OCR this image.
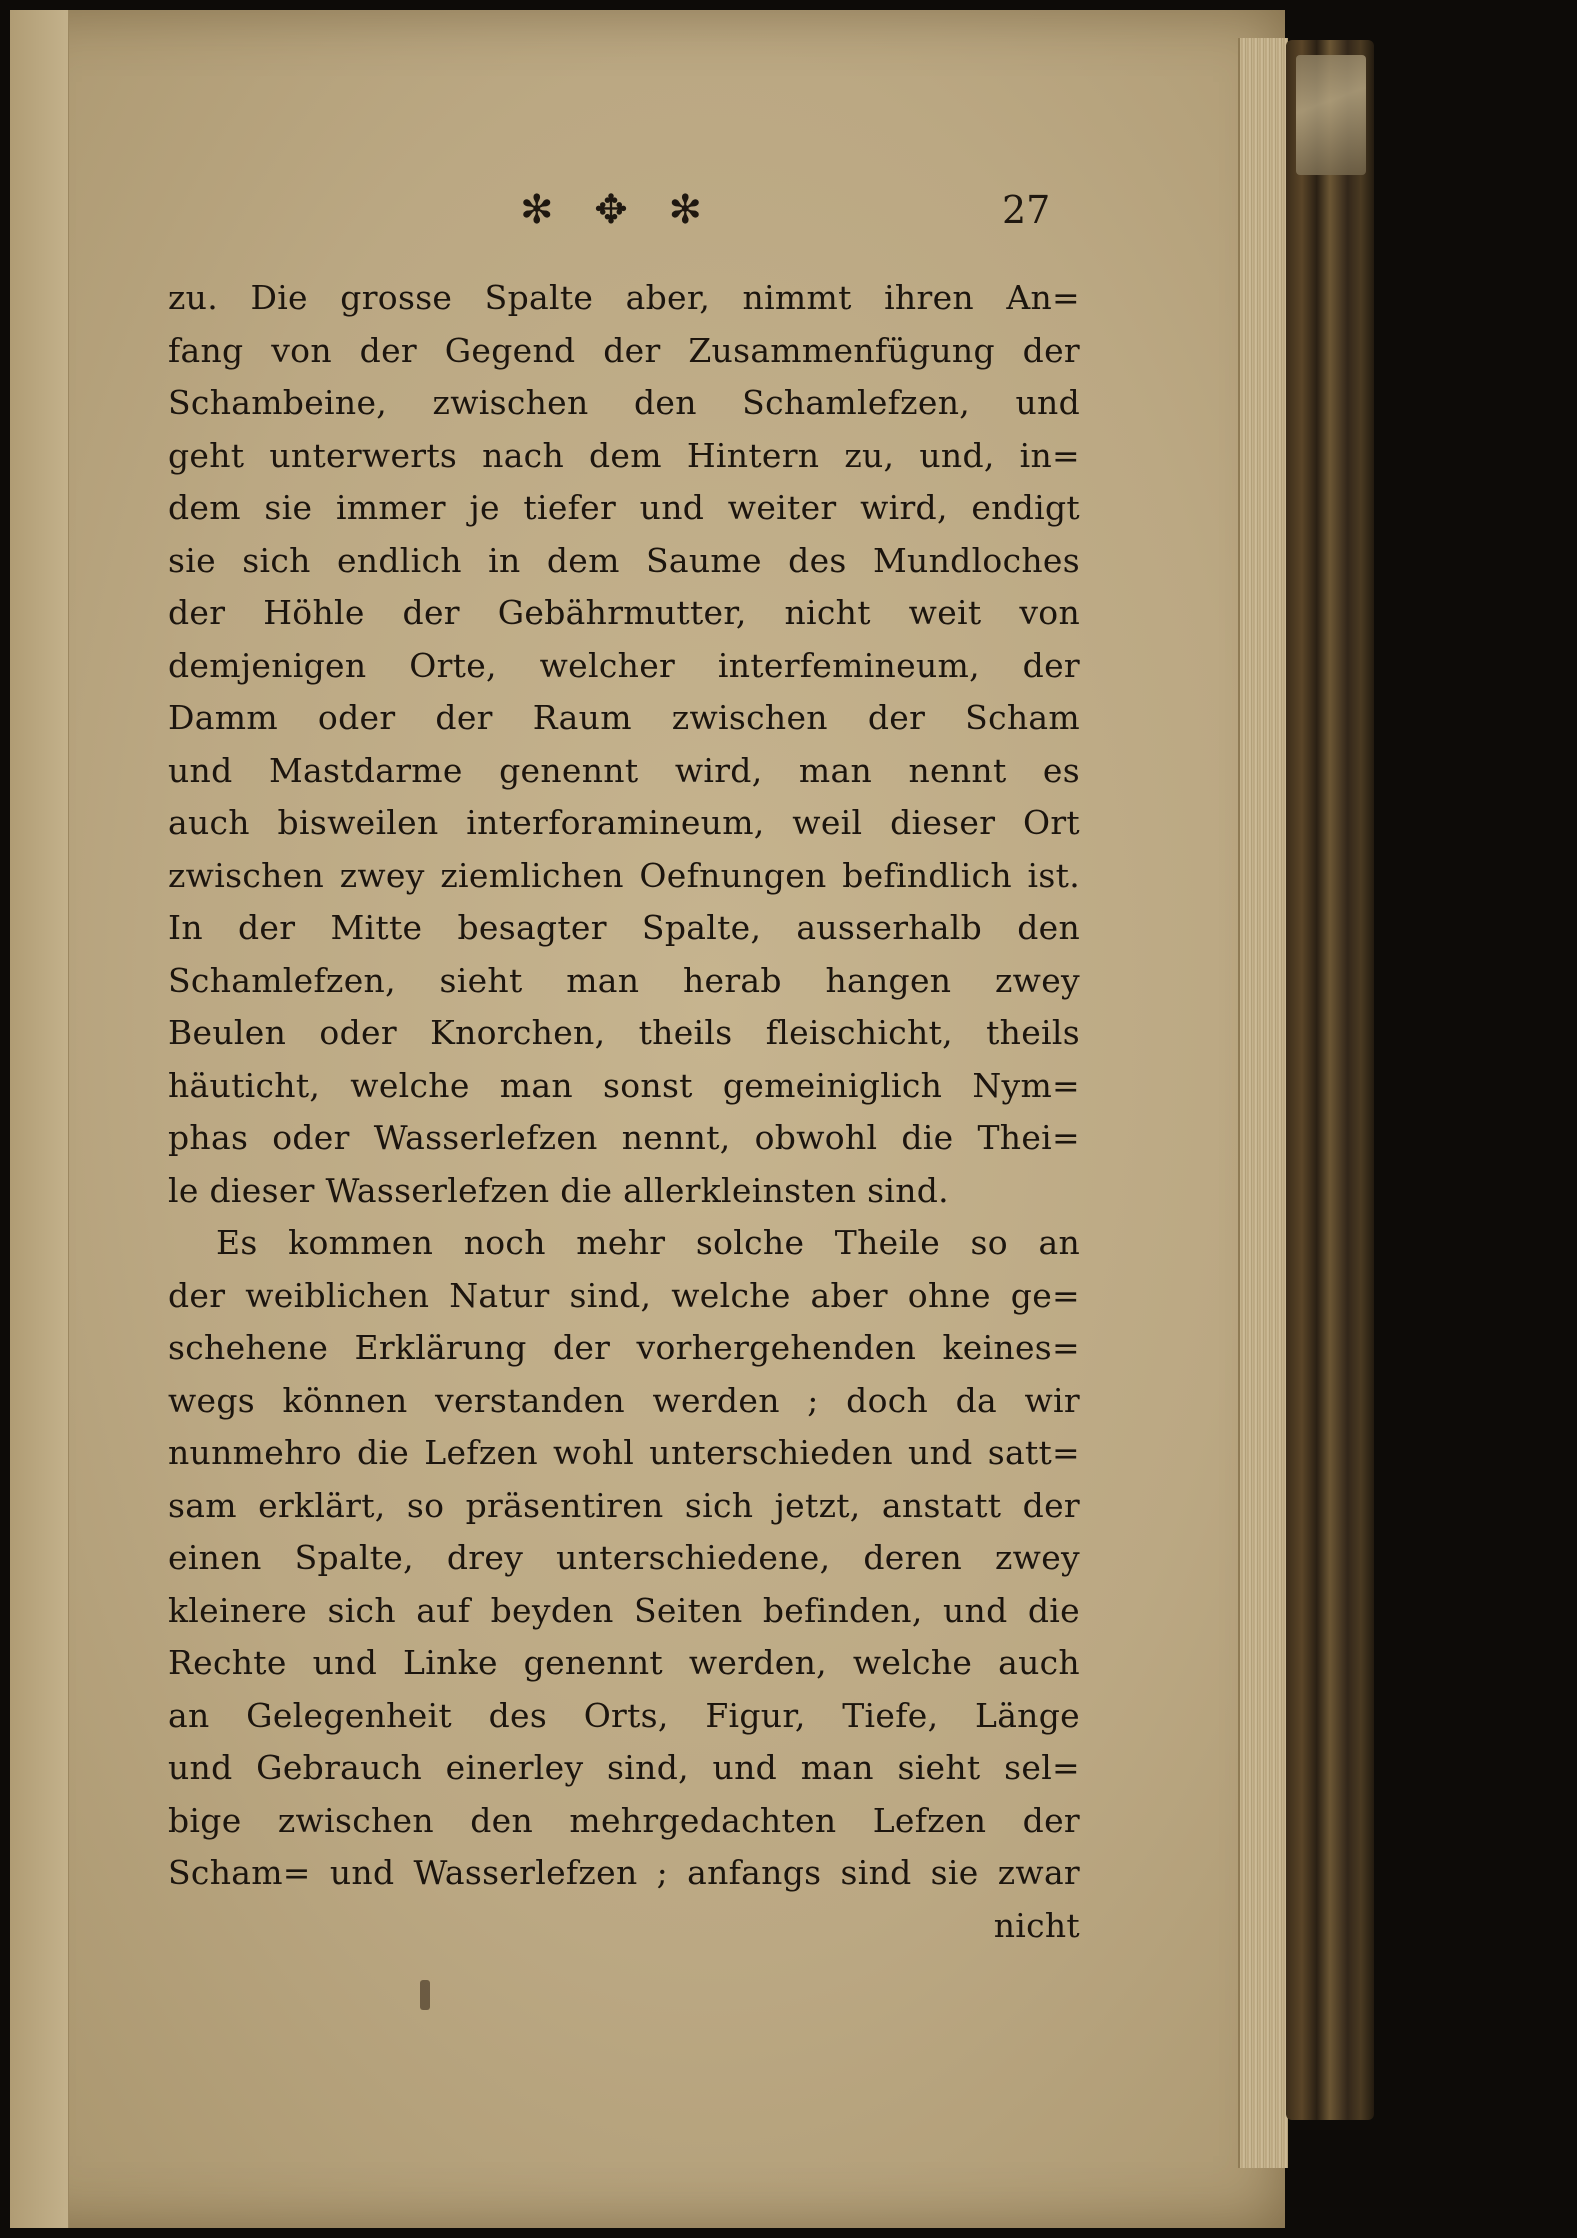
✻ ✥ ✻	27
zu. Die grosse Spalte aber, nimmt ihren An=
fang von der Gegend der Zusammenfügung der
Schambeine, zwischen den Schamlefzen, und
geht unterwerts nach dem Hintern zu, und, in=
dem sie immer je tiefer und weiter wird, endigt
sie sich endlich in dem Saume des Mundloches
der Höhle der Gebährmutter, nicht weit von
demjenigen Orte, welcher interfemineum, der
Damm oder der Raum zwischen der Scham
und Mastdarme genennt wird, man nennt es
auch bisweilen interforamineum, weil dieser Ort
zwischen zwey ziemlichen Oefnungen befindlich ist.
In der Mitte besagter Spalte, ausserhalb den
Schamlefzen, sieht man herab hangen zwey
Beulen oder Knorchen, theils fleischicht, theils
häuticht, welche man sonst gemeiniglich Nym=
phas oder Wasserlefzen nennt, obwohl die Thei=
le dieser Wasserlefzen die allerkleinsten sind.
Es kommen noch mehr solche Theile so an
der weiblichen Natur sind, welche aber ohne ge=
schehene Erklärung der vorhergehenden keines=
wegs können verstanden werden ; doch da wir
nunmehro die Lefzen wohl unterschieden und satt=
sam erklärt, so präsentiren sich jetzt, anstatt der
einen Spalte, drey unterschiedene, deren zwey
kleinere sich auf beyden Seiten befinden, und die
Rechte und Linke genennt werden, welche auch
an Gelegenheit des Orts, Figur, Tiefe, Länge
und Gebrauch einerley sind, und man sieht sel=
bige zwischen den mehrgedachten Lefzen der
Scham= und Wasserlefzen ; anfangs sind sie zwar
nicht
